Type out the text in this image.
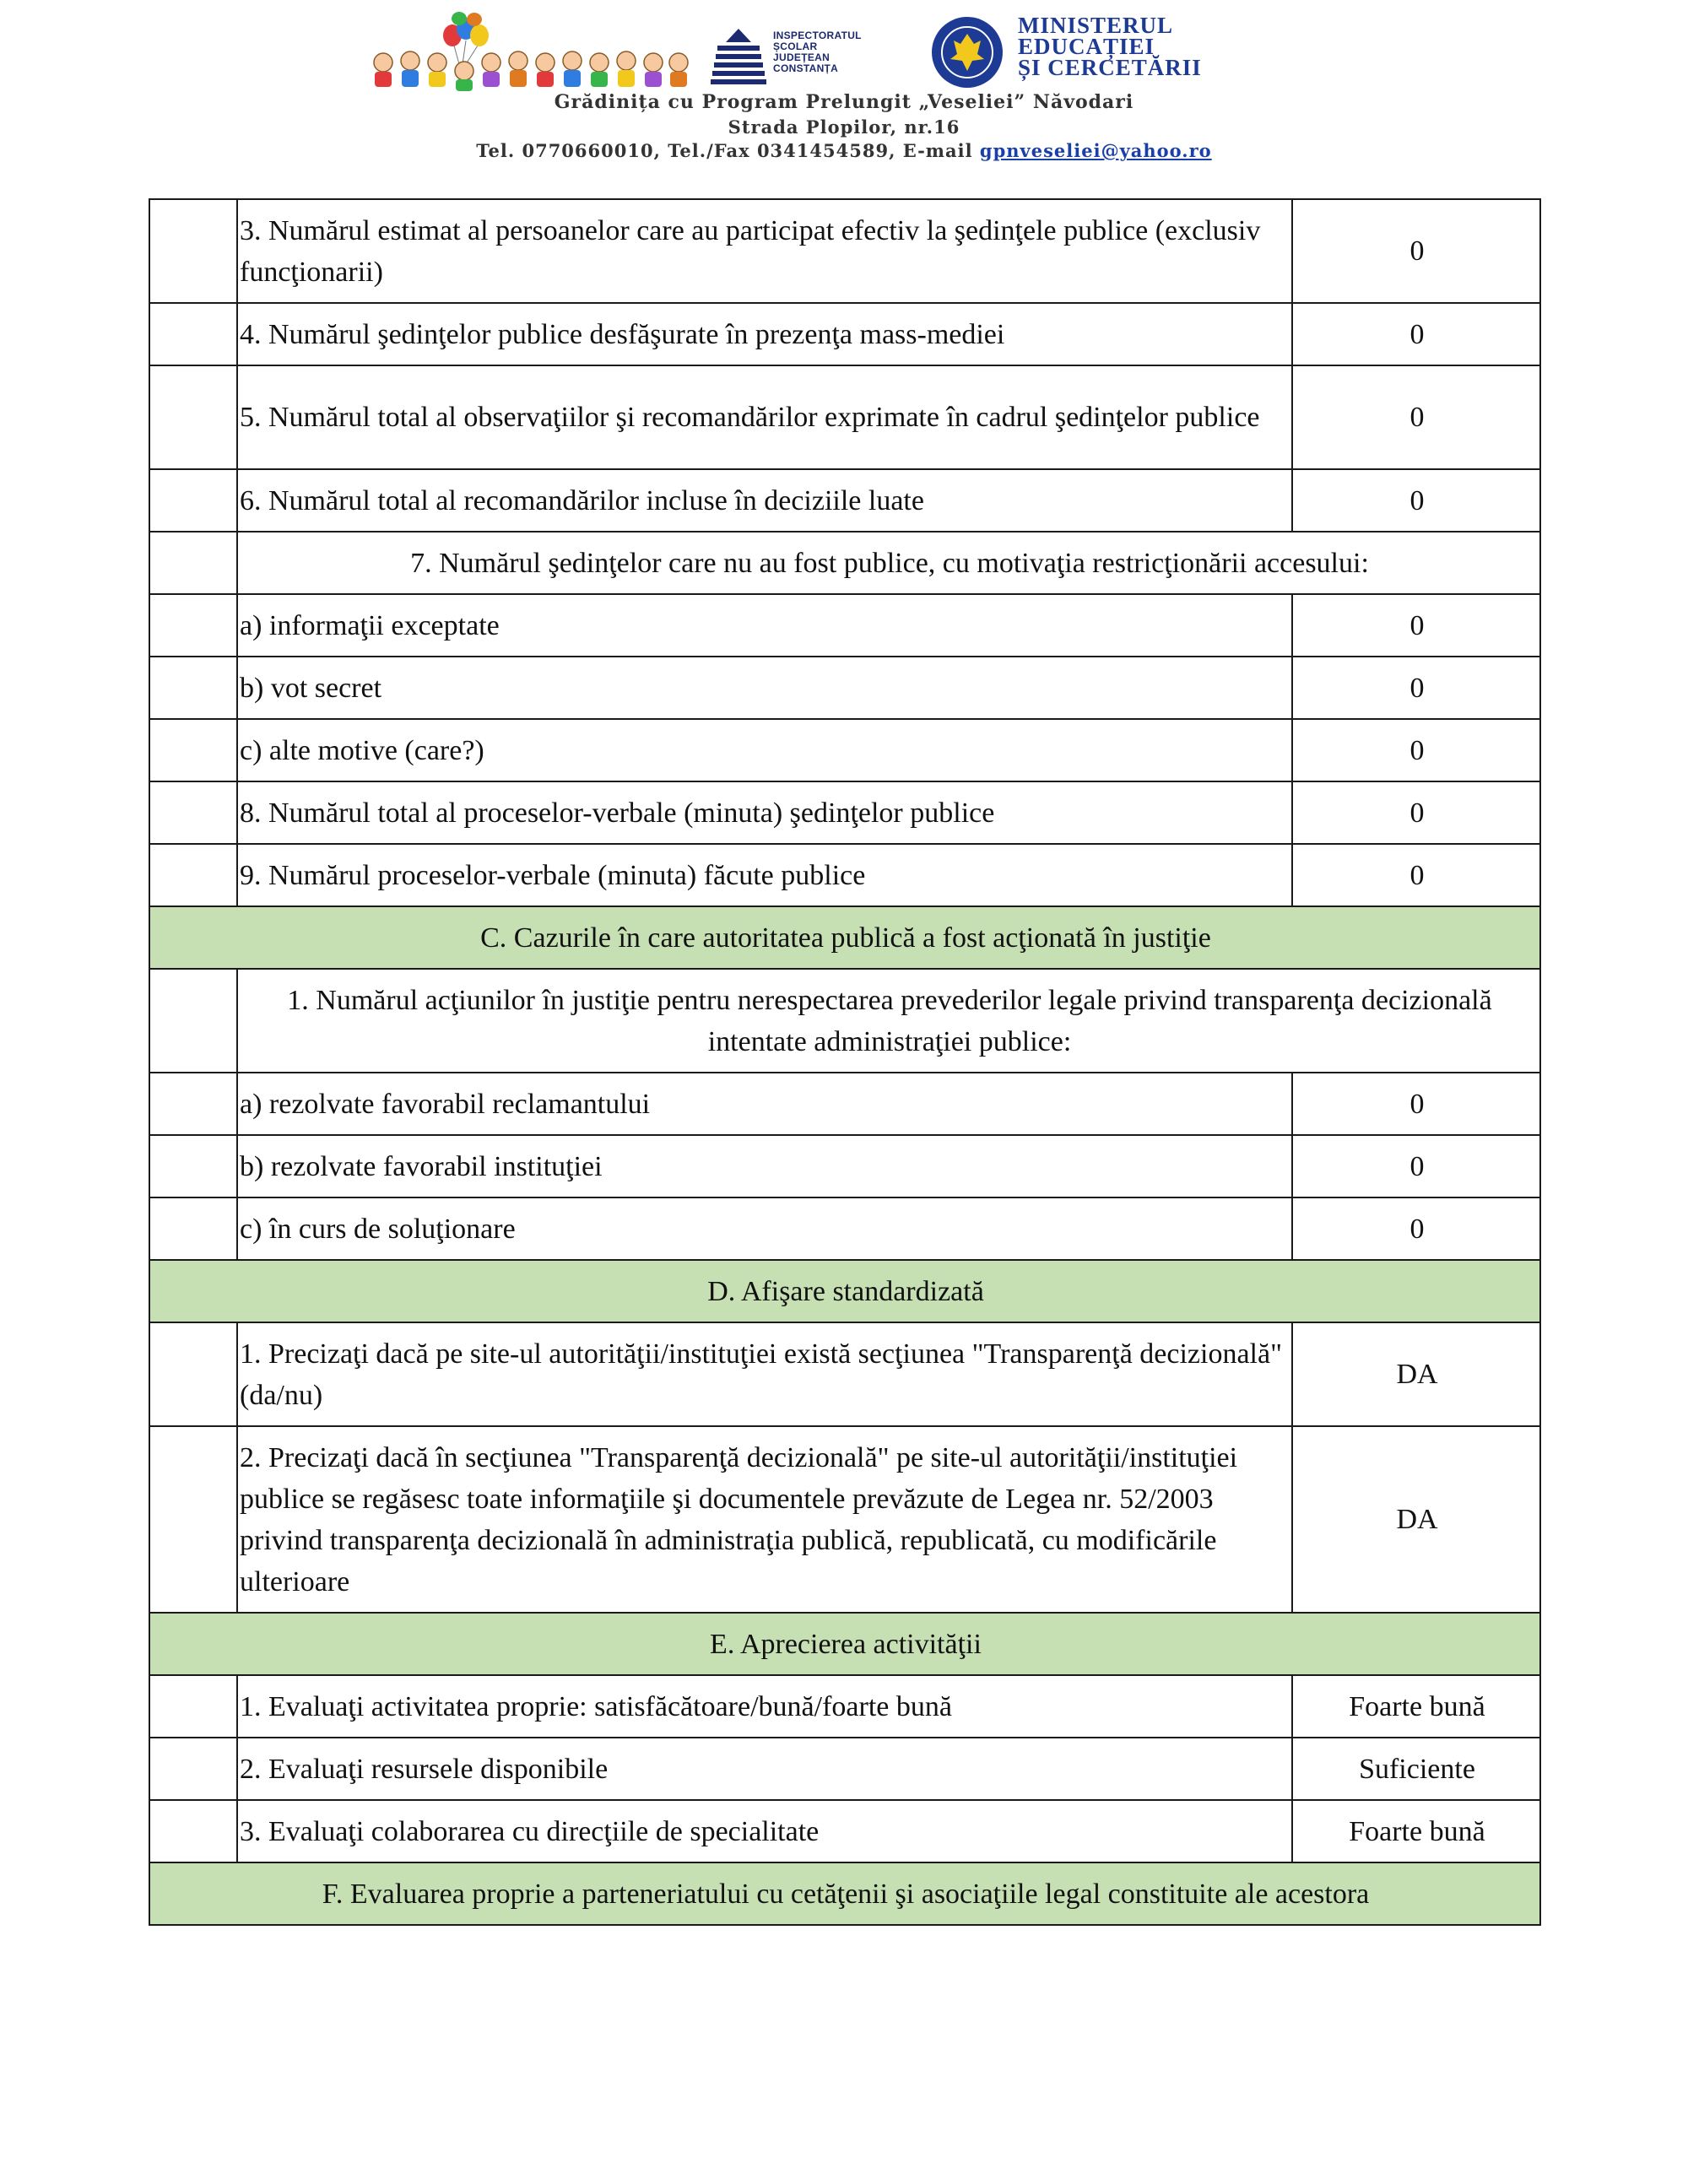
INSPECTORATUL
ȘCOLAR
JUDEȚEAN
CONSTANȚA
MINISTERUL
EDUCAȚIEI
ȘI CERCETĂRII
Grădinița cu Program Prelungit „Veseliei” Năvodari
Strada Plopilor, nr.16
Tel. 0770660010, Tel./Fax 0341454589, E-mail gpnveseliei@yahoo.ro
	3. Numărul estimat al persoanelor care au participat efectiv la şedinţele publice (exclusiv funcţionarii)	0
	4. Numărul şedinţelor publice desfăşurate în prezenţa mass-mediei	0
	5. Numărul total al observaţiilor şi recomandărilor exprimate în cadrul şedinţelor publice	0
	6. Numărul total al recomandărilor incluse în deciziile luate	0
	7. Numărul şedinţelor care nu au fost publice, cu motivaţia restricţionării accesului:	
	a) informaţii exceptate	0
	b) vot secret	0
	c) alte motive (care?)	0
	8. Numărul total al proceselor-verbale (minuta) şedinţelor publice	0
	9. Numărul proceselor-verbale (minuta) făcute publice	0
C. Cazurile în care autoritatea publică a fost acţionată în justiţie		
	1. Numărul acţiunilor în justiţie pentru nerespectarea prevederilor legale privind transparenţa decizională intentate administraţiei publice:	
	a) rezolvate favorabil reclamantului	0
	b) rezolvate favorabil instituţiei	0
	c) în curs de soluţionare	0
D. Afişare standardizată		
	1. Precizaţi dacă pe site-ul autorităţii/instituţiei există secţiunea "Transparenţă decizională" (da/nu)	DA
	2. Precizaţi dacă în secţiunea "Transparenţă decizională" pe site-ul autorităţii/instituţiei publice se regăsesc toate informaţiile şi documentele prevăzute de Legea nr. 52/2003 privind transparenţa decizională în administraţia publică, republicată, cu modificările ulterioare	DA
E. Aprecierea activităţii		
	1. Evaluaţi activitatea proprie: satisfăcătoare/bună/foarte bună	Foarte bună
	2. Evaluaţi resursele disponibile	Suficiente
	3. Evaluaţi colaborarea cu direcţiile de specialitate	Foarte bună
F. Evaluarea proprie a parteneriatului cu cetăţenii şi asociaţiile legal constituite ale acestora		
